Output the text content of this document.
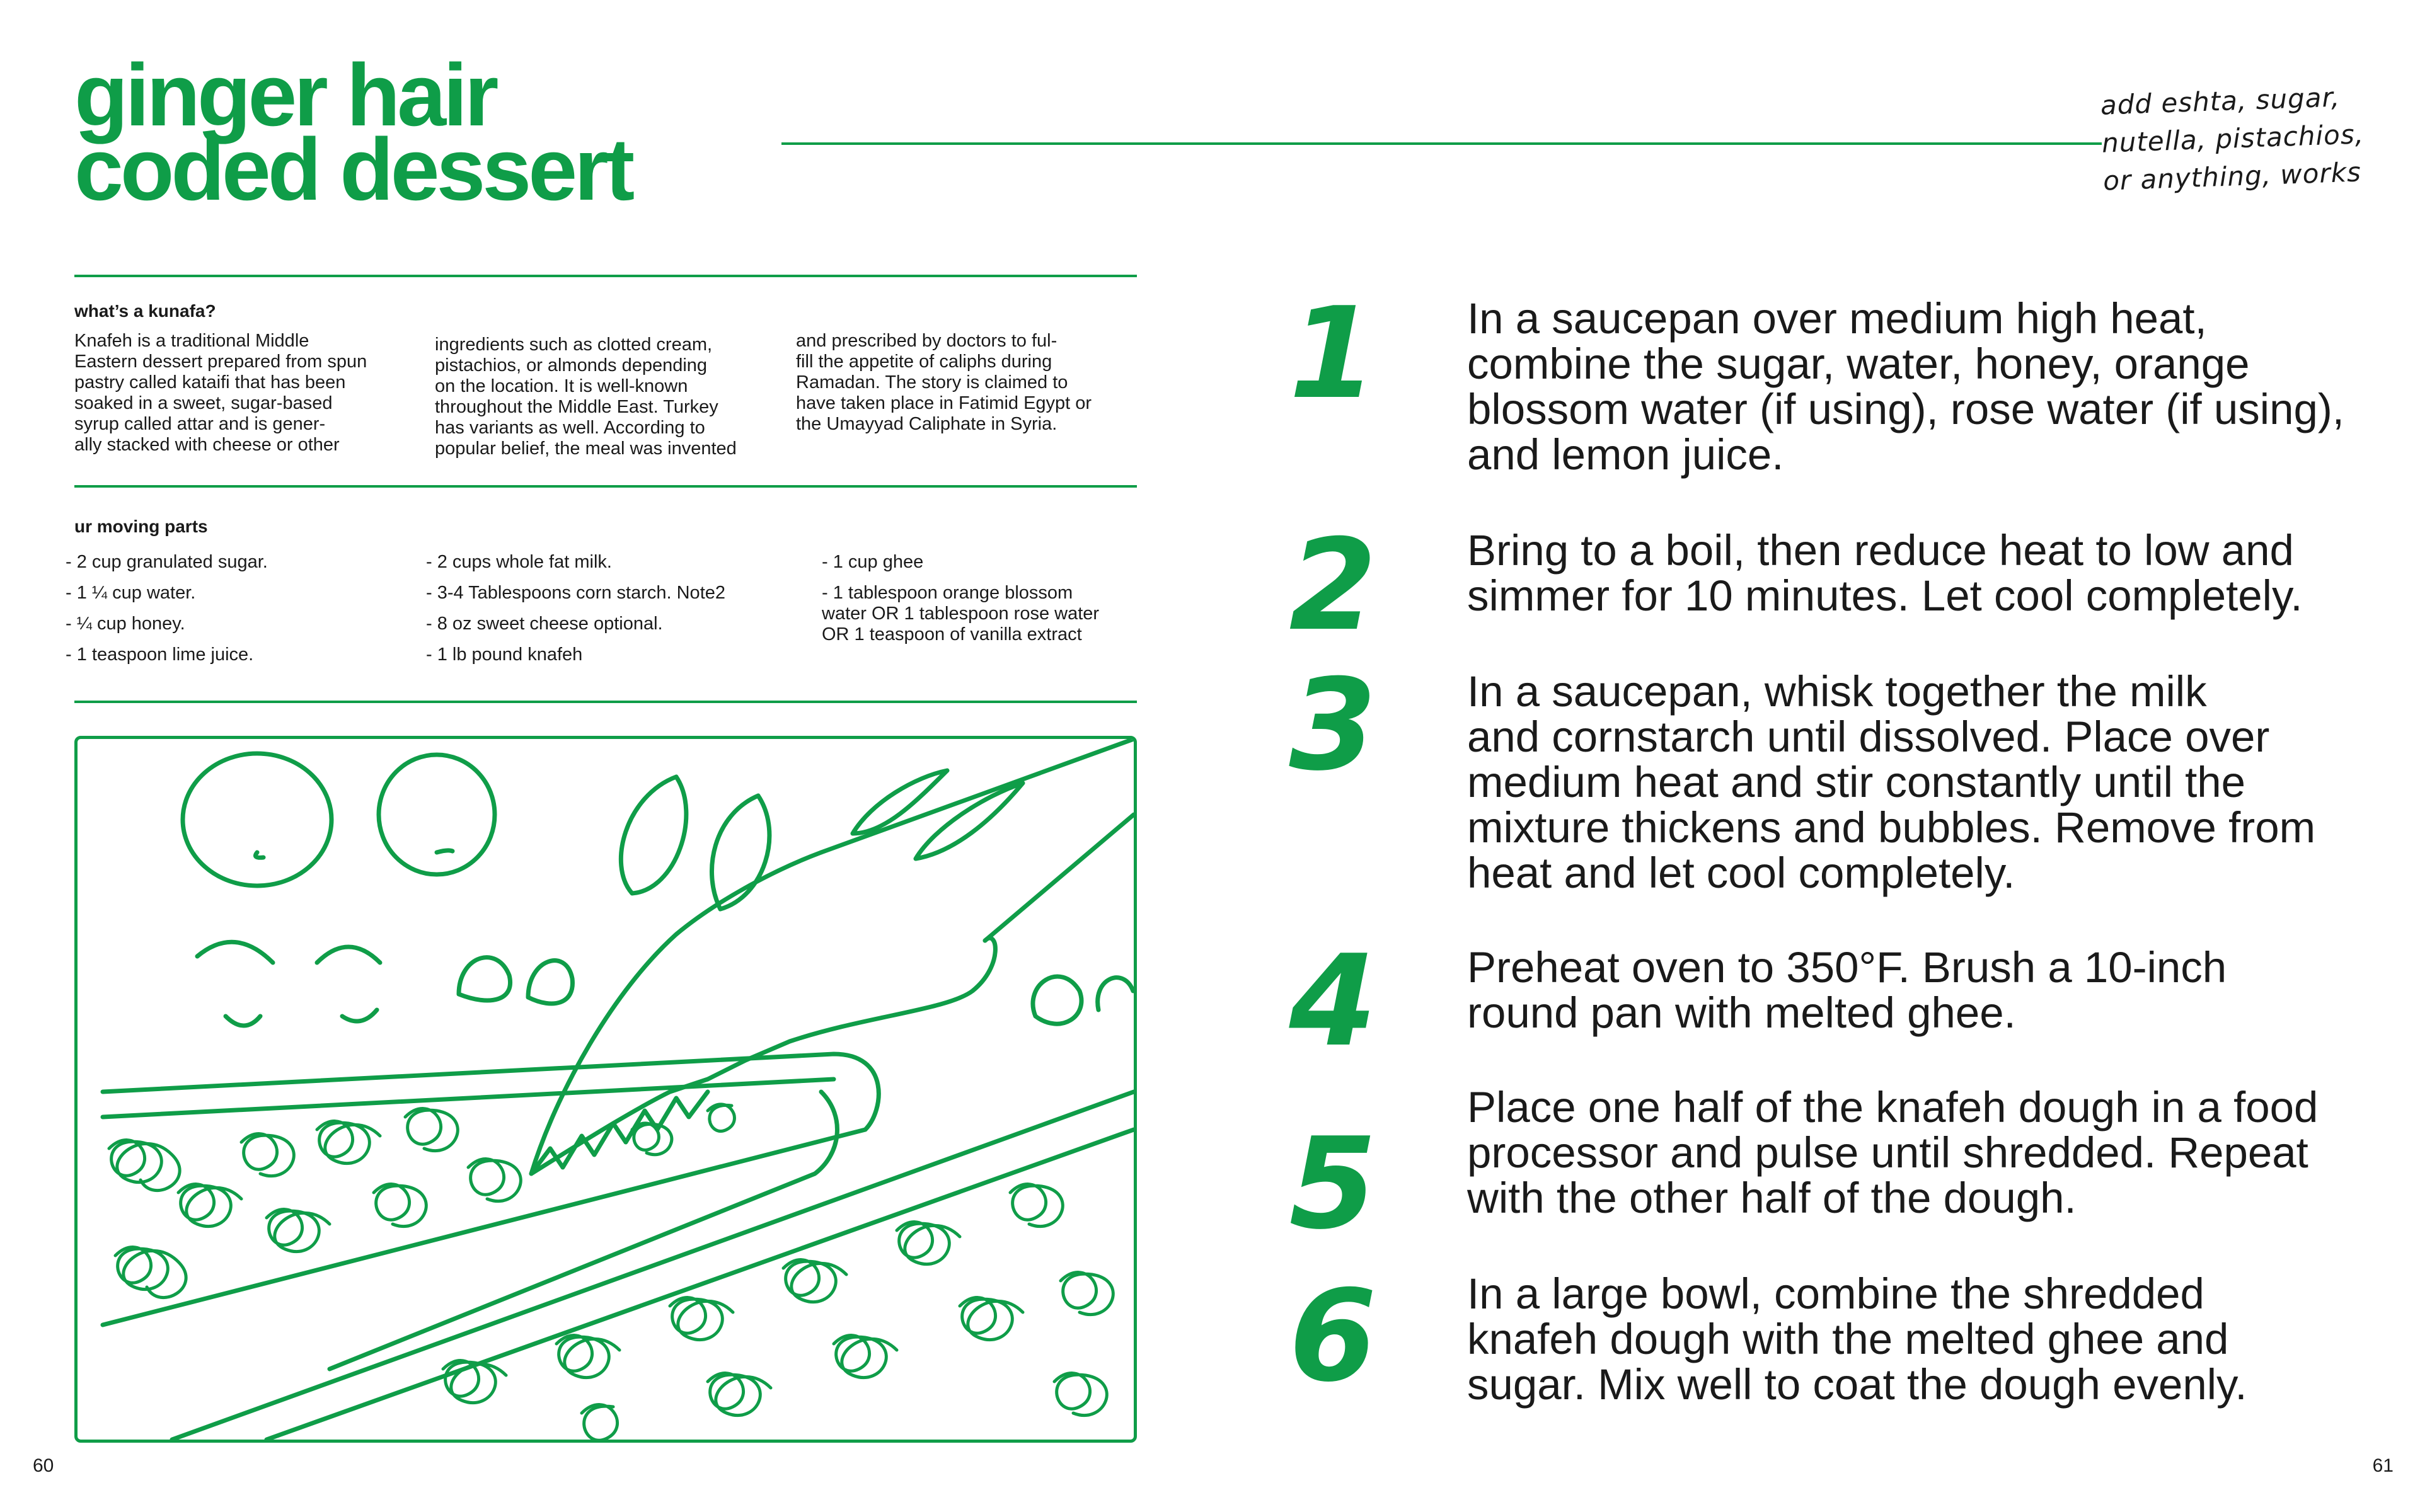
ginger hair
coded dessert
add eshta, sugar,
nutella, pistachios,
or anything, works
what’s a kunafa?
Knafeh is a traditional Middle
Eastern dessert prepared from spun
pastry called kataifi that has been
soaked in a sweet, sugar-based
syrup called attar and is gener-
ally stacked with cheese or other
ingredients such as clotted cream,
pistachios, or almonds depending
on the location. It is well-known
throughout the Middle East. Turkey
has variants as well. According to
popular belief, the meal was invented
and prescribed by doctors to ful-
fill the appetite of caliphs during
Ramadan. The story is claimed to
have taken place in Fatimid Egypt or
the Umayyad Caliphate in Syria.
ur moving parts
- 2 cup granulated sugar.
- 1 ¼ cup water.
- ¼ cup honey.
- 1 teaspoon lime juice.
- 2 cups whole fat milk.
- 3-4 Tablespoons corn starch. Note2
- 8 oz sweet cheese optional.
- 1 lb pound knafeh
- 1 cup ghee
- 1 tablespoon orange blossom
water OR 1 tablespoon rose water
OR 1 teaspoon of vanilla extract
1 In a saucepan over medium high heat,
combine the sugar, water, honey, orange
blossom water (if using), rose water (if using),
and lemon juice.
2 Bring to a boil, then reduce heat to low and
simmer for 10 minutes. Let cool completely.
3 In a saucepan, whisk together the milk
and cornstarch until dissolved. Place over
medium heat and stir constantly until the
mixture thickens and bubbles. Remove from
heat and let cool completely.
4 Preheat oven to 350°F. Brush a 10-inch
round pan with melted ghee.
5
Place one half of the knafeh dough in a food
processor and pulse until shredded. Repeat
with the other half of the dough.
6 In a large bowl, combine the shredded
knafeh dough with the melted ghee and
sugar. Mix well to coat the dough evenly.
60	61
